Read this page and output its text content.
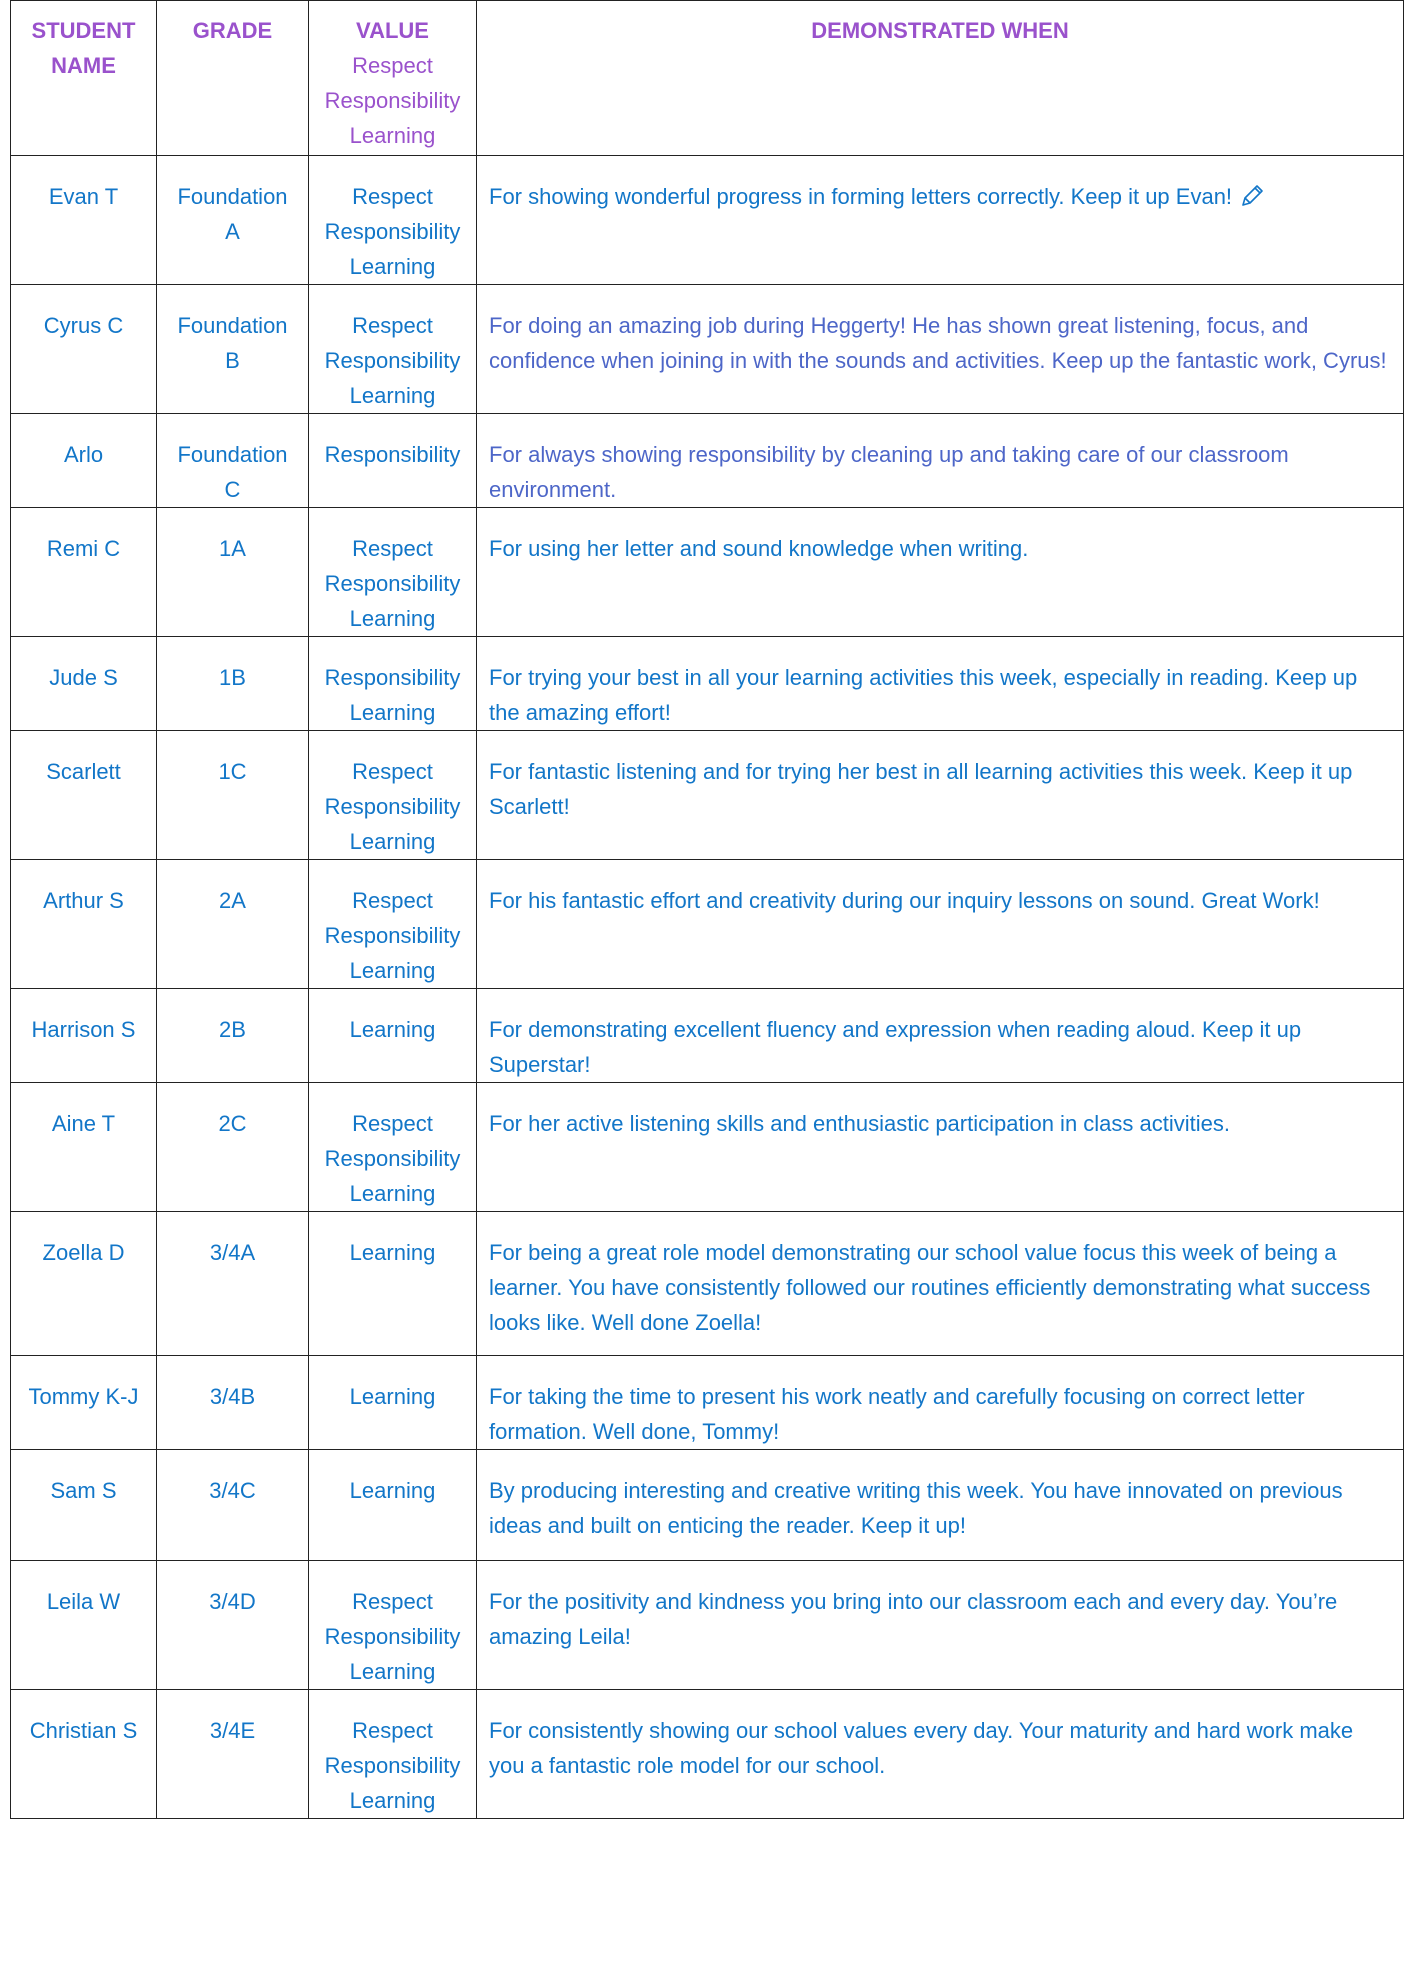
STUDENT NAME	GRADE	VALUE
Respect
Responsibility
Learning	DEMONSTRATED WHEN
Evan T	Foundation A	Respect
Responsibility
Learning	For showing wonderful progress in forming letters correctly. Keep it up Evan!
Cyrus C	Foundation B	Respect
Responsibility
Learning	For doing an amazing job during Heggerty! He has shown great listening, focus, and confidence when joining in with the sounds and activities. Keep up the fantastic work, Cyrus!
Arlo	Foundation C	Responsibility	For always showing responsibility by cleaning up and taking care of our classroom environment.
Remi C	1A	Respect
Responsibility
Learning	For using her letter and sound knowledge when writing.
Jude S	1B	Responsibility
Learning	For trying your best in all your learning activities this week, especially in reading. Keep up the amazing effort!
Scarlett	1C	Respect
Responsibility
Learning	For fantastic listening and for trying her best in all learning activities this week. Keep it up Scarlett!
Arthur S	2A	Respect
Responsibility
Learning	For his fantastic effort and creativity during our inquiry lessons on sound. Great Work!
Harrison S	2B	Learning	For demonstrating excellent fluency and expression when reading aloud. Keep it up Superstar!
Aine T	2C	Respect
Responsibility
Learning	For her active listening skills and enthusiastic participation in class activities.
Zoella D	3/4A	Learning	For being a great role model demonstrating our school value focus this week of being a learner. You have consistently followed our routines efficiently demonstrating what success looks like. Well done Zoella!
Tommy K-J	3/4B	Learning	For taking the time to present his work neatly and carefully focusing on correct letter formation. Well done, Tommy!
Sam S	3/4C	Learning	By producing interesting and creative writing this week. You have innovated on previous ideas and built on enticing the reader. Keep it up!
Leila W	3/4D	Respect
Responsibility
Learning	For the positivity and kindness you bring into our classroom each and every day. You’re amazing Leila!
Christian S	3/4E	Respect
Responsibility
Learning	For consistently showing our school values every day. Your maturity and hard work make you a fantastic role model for our school.
